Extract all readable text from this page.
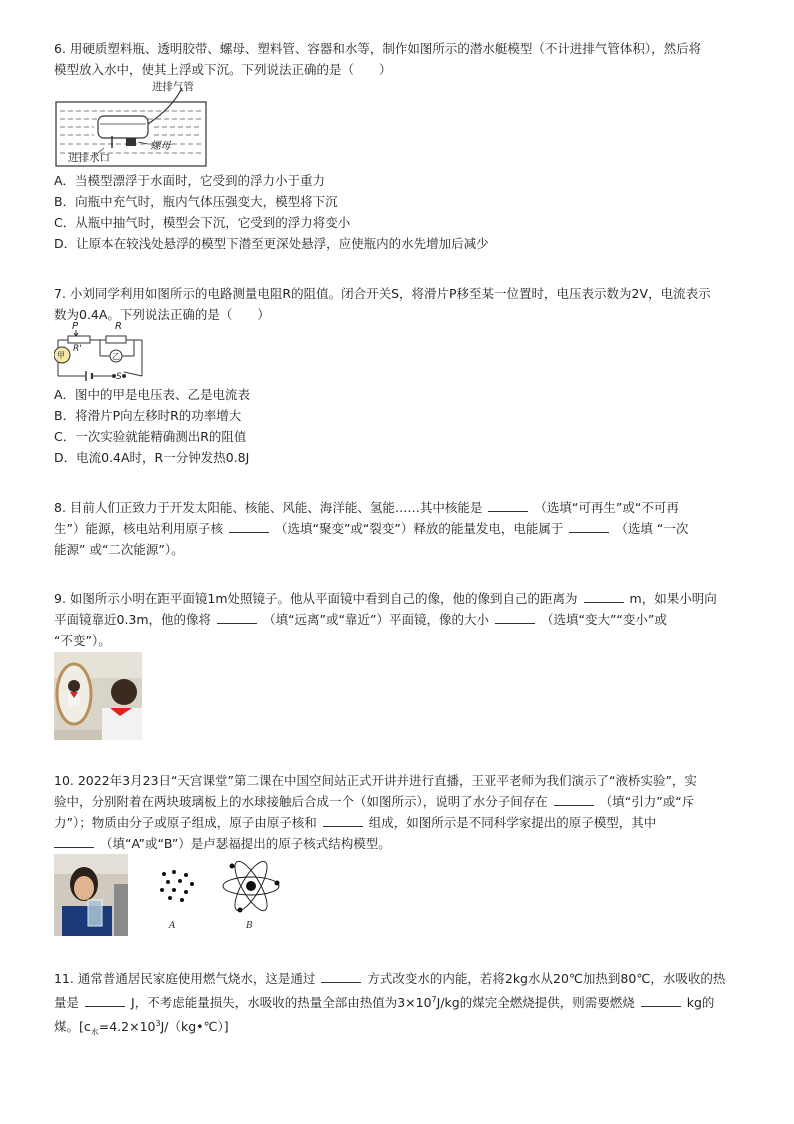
6. 用硬质塑料瓶、透明胶带、螺母、塑料管、容器和水等，制作如图所示的潜水艇模型（不计进排气管体积），然后将
模型放入水中，使其上浮或下沉。下列说法正确的是（　　）
进排气管
螺母
进排水口
A．当模型漂浮于水面时，它受到的浮力小于重力
B．向瓶中充气时，瓶内气体压强变大，模型将下沉
C．从瓶中抽气时，模型会下沉，它受到的浮力将变小
D．让原本在较浅处悬浮的模型下潜至更深处悬浮，应使瓶内的水先增加后减少
7. 小刘同学利用如图所示的电路测量电阻R的阻值。闭合开关S，将滑片P移至某一位置时，电压表示数为2V，电流表示
数为0.4A。下列说法正确的是（　　）
P	R
R'
甲	乙
S
A．图中的甲是电压表、乙是电流表
B．将滑片P向左移时R的功率增大
C．一次实验就能精确测出R的阻值
D．电流0.4A时，R一分钟发热0.8J
8. 目前人们正致力于开发太阳能、核能、风能、海洋能、氢能……其中核能是	（选填“可再生”或“不可再
生”）能源，核电站利用原子核	（选填“聚变”或“裂变”）释放的能量发电，电能属于	（选填 “一次
能源” 或“二次能源”）。
9. 如图所示小明在距平面镜1m处照镜子。他从平面镜中看到自己的像，他的像到自己的距离为	m，如果小明向
平面镜靠近0.3m，他的像将	（填“远离”或“靠近”）平面镜，像的大小	（选填“变大”“变小”或
“不变”）。
10. 2022年3月23日“天宫课堂”第二课在中国空间站正式开讲并进行直播，王亚平老师为我们演示了“液桥实验”，实
验中，分别附着在两块玻璃板上的水球接触后合成一个（如图所示），说明了水分子间存在	（填“引力”或“斥
力”）；物质由分子或原子组成，原子由原子核和	组成，如图所示是不同科学家提出的原子模型，其中
（填“A”或“B”）是卢瑟福提出的原子核式结构模型。
A	B
11. 通常普通居民家庭使用燃气烧水，这是通过	方式改变水的内能，若将2kg水从20℃加热到80℃，水吸收的热
量是	J，不考虑能量损失，水吸收的热量全部由热值为$3\times 10^7J/kg$的煤完全燃烧提供，则需要燃烧	kg的
煤。$[c_水=4.2\times 10^3J/(kg•℃)]$
